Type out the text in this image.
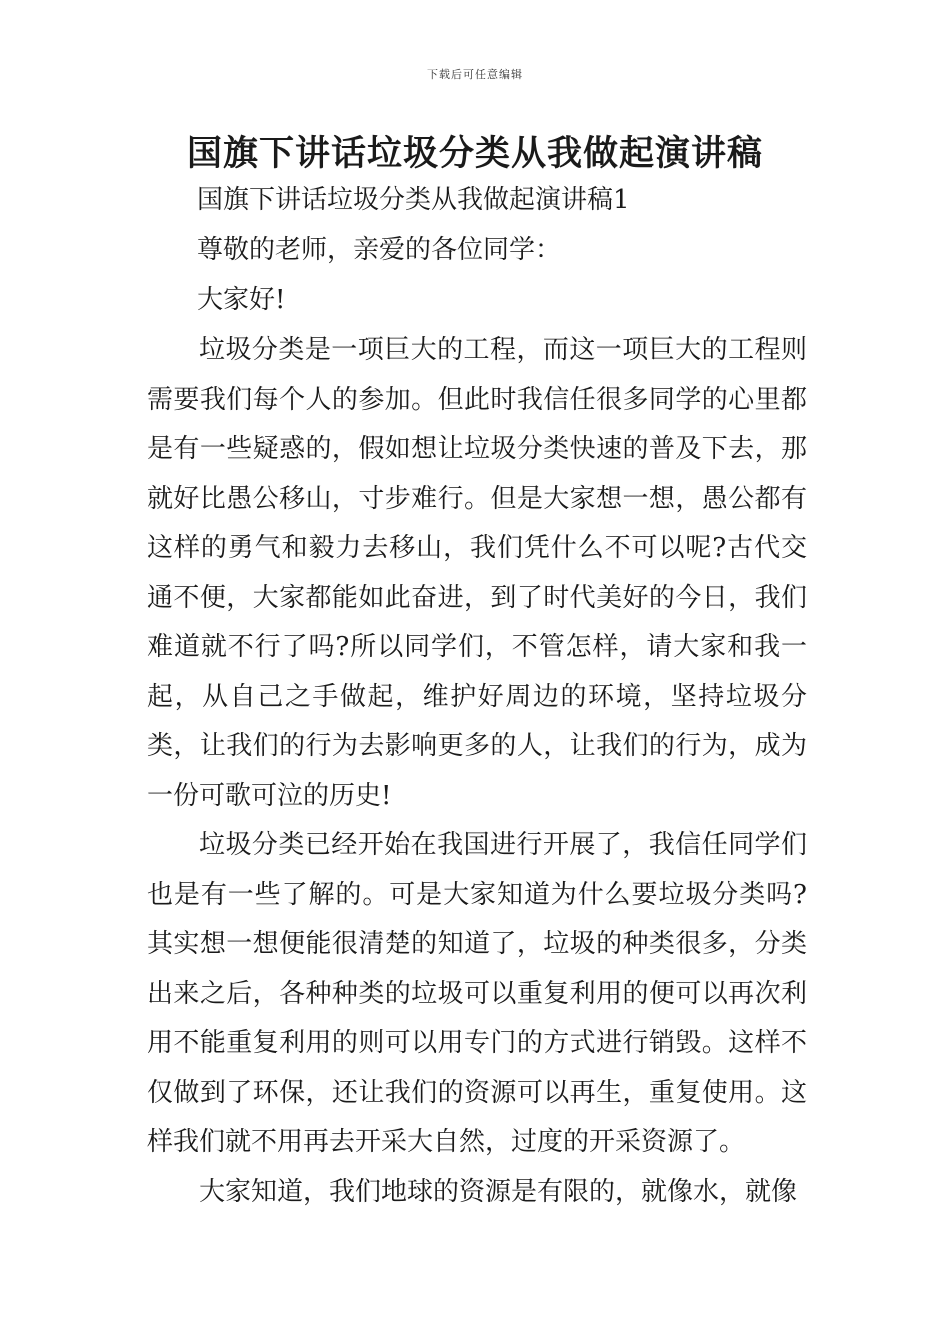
下载后可任意编辑
国旗下讲话垃圾分类从我做起演讲稿

国旗下讲话垃圾分类从我做起演讲稿1

尊敬的老师，亲爱的各位同学：

大家好!

垃圾分类是一项巨大的工程，而这一项巨大的工程则需要我们每个人的参加。但此时我信任很多同学的心里都是有一些疑惑的，假如想让垃圾分类快速的普及下去，那就好比愚公移山，寸步难行。但是大家想一想，愚公都有这样的勇气和毅力去移山，我们凭什么不可以呢?古代交通不便，大家都能如此奋进，到了时代美好的今日，我们难道就不行了吗?所以同学们，不管怎样，请大家和我一起，从自己之手做起，维护好周边的环境，坚持垃圾分类，让我们的行为去影响更多的人，让我们的行为，成为一份可歌可泣的历史!

垃圾分类已经开始在我国进行开展了，我信任同学们也是有一些了解的。可是大家知道为什么要垃圾分类吗?其实想一想便能很清楚的知道了，垃圾的种类很多，分类出来之后，各种种类的垃圾可以重复利用的便可以再次利用不能重复利用的则可以用专门的方式进行销毁。这样不仅做到了环保，还让我们的资源可以再生，重复使用。这样我们就不用再去开采大自然，过度的开采资源了。

大家知道，我们地球的资源是有限的，就像水，就像
